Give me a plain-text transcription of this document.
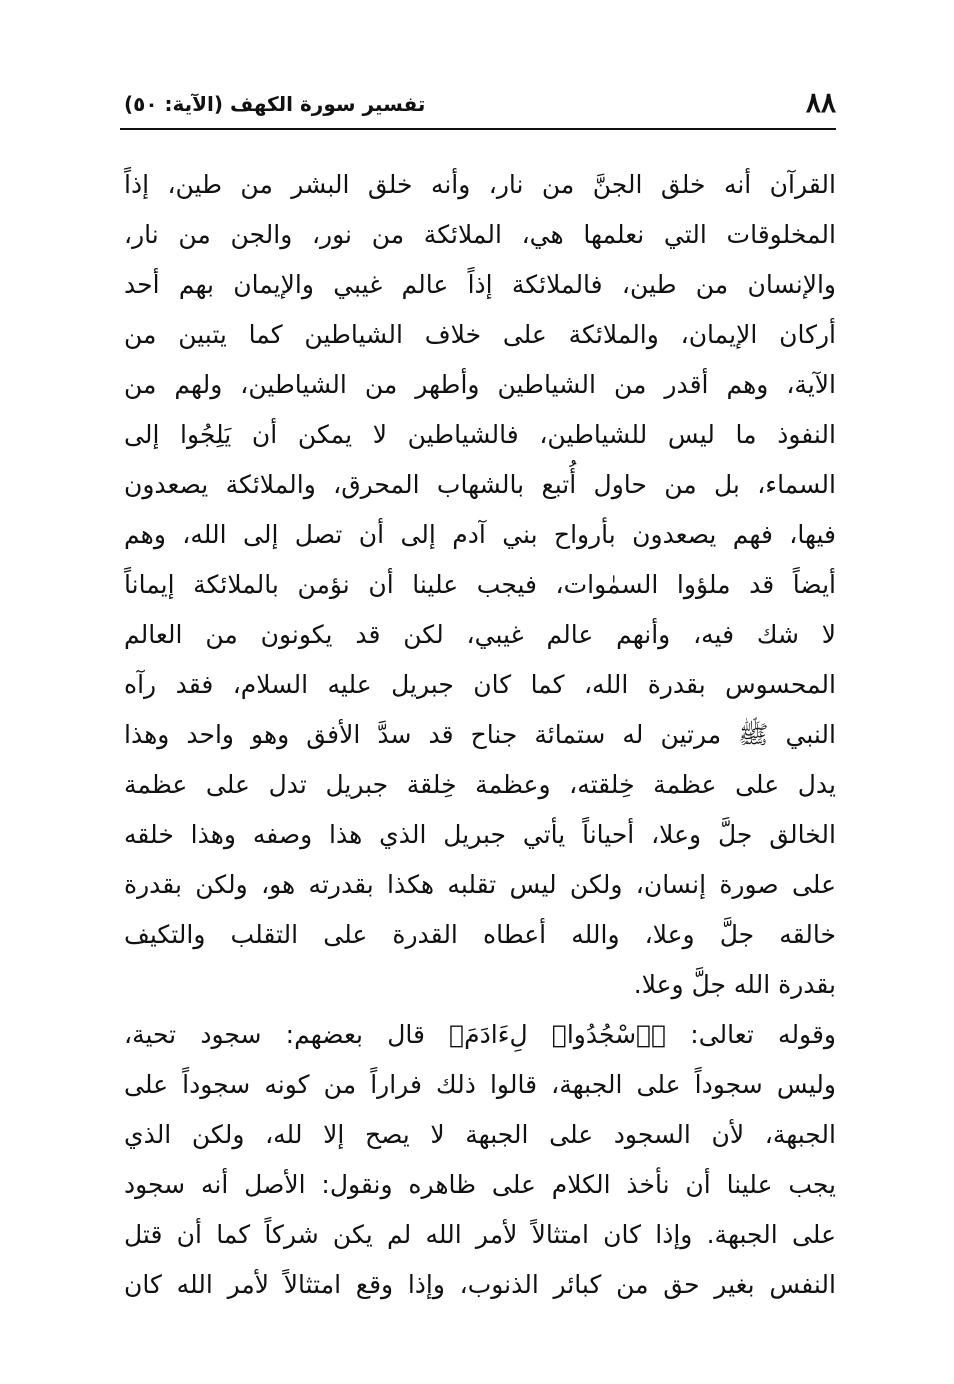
٨٨
تفسير سورة الكهف (الآية: ٥٠)

القرآن أنه خلق الجنَّ من نار، وأنه خلق البشر من طين، إذاً
المخلوقات التي نعلمها هي، الملائكة من نور، والجن من نار،
والإنسان من طين، فالملائكة إذاً عالم غيبي والإيمان بهم أحد
أركان الإيمان، والملائكة على خلاف الشياطين كما يتبين من
الآية، وهم أقدر من الشياطين وأطهر من الشياطين، ولهم من
النفوذ ما ليس للشياطين، فالشياطين لا يمكن أن يَلِجُوا إلى
السماء، بل من حاول أُتبع بالشهاب المحرق، والملائكة يصعدون
فيها، فهم يصعدون بأرواح بني آدم إلى أن تصل إلى الله، وهم
أيضاً قد ملؤوا السمٰوات، فيجب علينا أن نؤمن بالملائكة إيماناً
لا شك فيه، وأنهم عالم غيبي، لكن قد يكونون من العالم
المحسوس بقدرة الله، كما كان جبريل عليه السلام، فقد رآه
النبي ﷺ مرتين له ستمائة جناح قد سدَّ الأفق وهو واحد وهذا
يدل على عظمة خِلقته، وعظمة خِلقة جبريل تدل على عظمة
الخالق جلَّ وعلا، أحياناً يأتي جبريل الذي هذا وصفه وهذا خلقه
على صورة إنسان، ولكن ليس تقلبه هكذا بقدرته هو، ولكن بقدرة
خالقه جلَّ وعلا، والله أعطاه القدرة على التقلب والتكيف
بقدرة الله جلَّ وعلا.

وقوله تعالى: ﴿ٱسْجُدُوا۟ لِءَادَمَ﴾ قال بعضهم: سجود تحية،
وليس سجوداً على الجبهة، قالوا ذلك فراراً من كونه سجوداً على
الجبهة، لأن السجود على الجبهة لا يصح إلا لله، ولكن الذي
يجب علينا أن نأخذ الكلام على ظاهره ونقول: الأصل أنه سجود
على الجبهة. وإذا كان امتثالاً لأمر الله لم يكن شركاً كما أن قتل
النفس بغير حق من كبائر الذنوب، وإذا وقع امتثالاً لأمر الله كان
